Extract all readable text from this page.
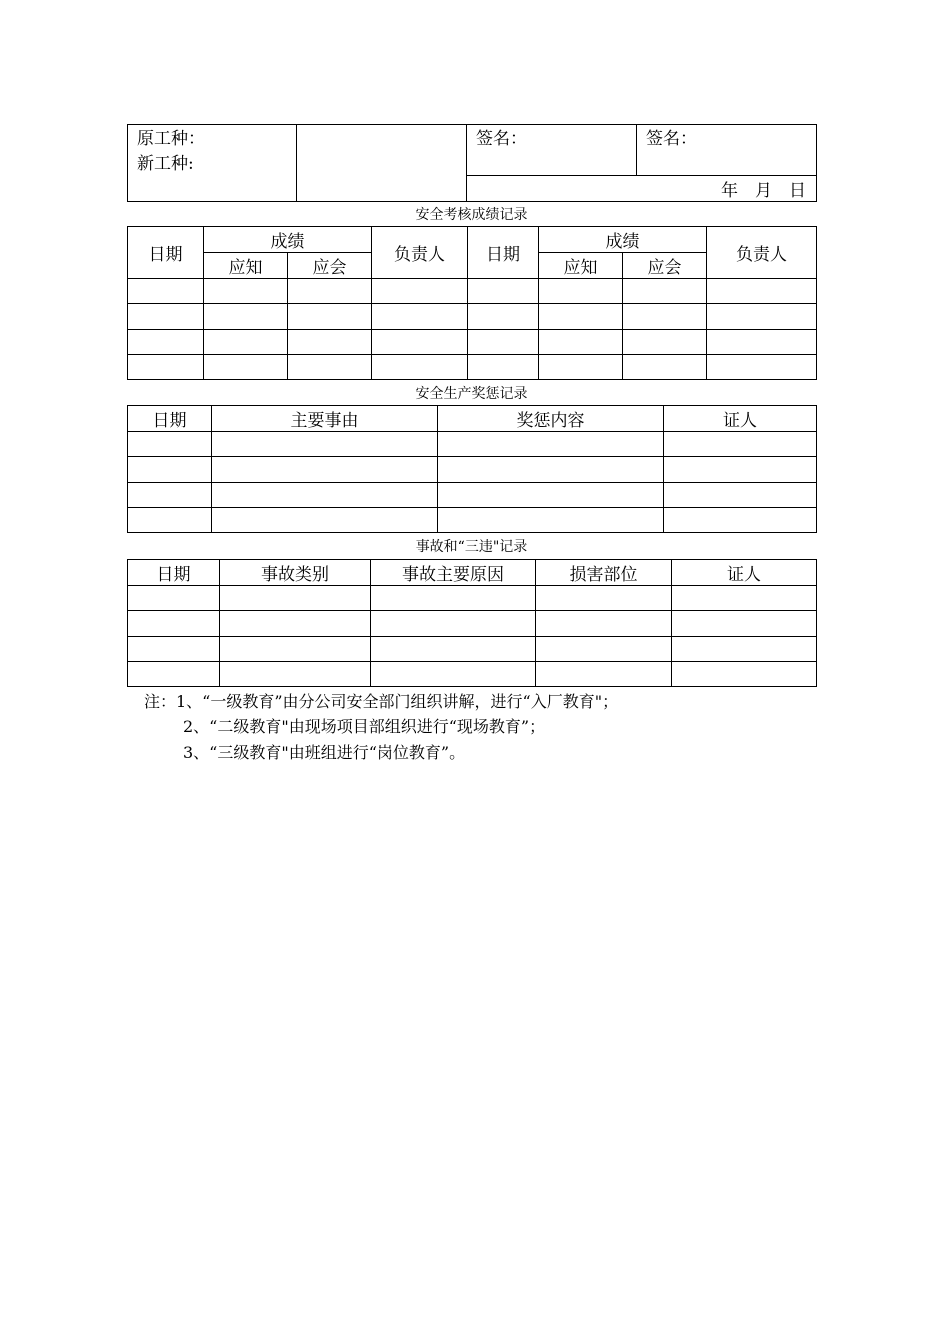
原工种：
新工种:
		签名：	签名：
年　月　日
安全考核成绩记录
日期	成绩		负责人	日期	成绩		负责人
	应知	应会			应知	应会	

安全生产奖惩记录
日期	主要事由	奖惩内容	证人

事故和“三违"记录
日期	事故类别	事故主要原因	损害部位	证人

注：1、“一级教育”由分公司安全部门组织讲解，进行“入厂教育"；
2、“二级教育"由现场项目部组织进行“现场教育”；
3、“三级教育"由班组进行“岗位教育”。
